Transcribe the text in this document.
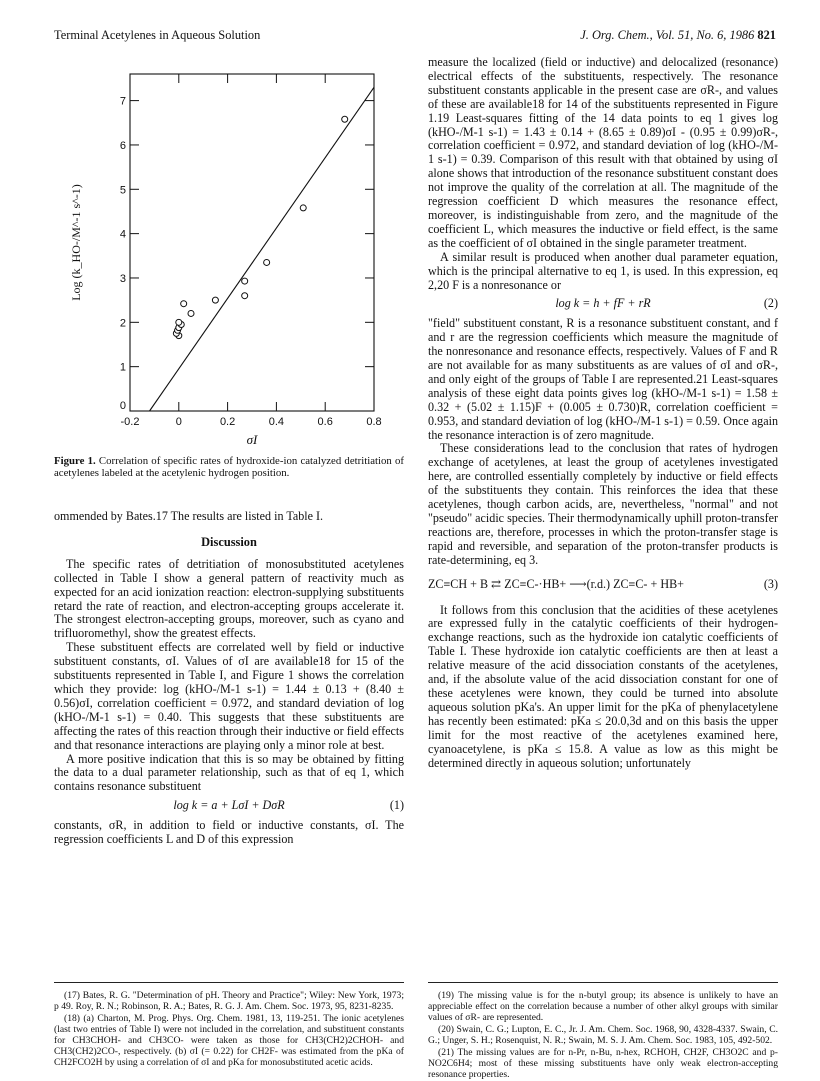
Terminal Acetylenes in Aqueous Solution	J. Org. Chem., Vol. 51, No. 6, 1986 821
-0.2	0	0.2	0.4	0.6	0.8
0
1
2
3
4
5
6
7
σI
Log (k_HO-/M^-1 s^-1)
Figure 1. Correlation of specific rates of hydroxide-ion catalyzed detritiation of acetylenes labeled at the acetylenic hydrogen position.

ommended by Bates.17 The results are listed in Table I.

Discussion

The specific rates of detritiation of monosubstituted acetylenes collected in Table I show a general pattern of reactivity much as expected for an acid ionization reaction: electron-supplying substituents retard the rate of reaction, and electron-accepting groups accelerate it. The strongest electron-accepting groups, moreover, such as cyano and trifluoromethyl, show the greatest effects.

These substituent effects are correlated well by field or inductive substituent constants, σI. Values of σI are available18 for 15 of the substituents represented in Table I, and Figure 1 shows the correlation which they provide: log (kHO-/M-1 s-1) = 1.44 ± 0.13 + (8.40 ± 0.56)σI, correlation coefficient = 0.972, and standard deviation of log (kHO-/M-1 s-1) = 0.40. This suggests that these substituents are affecting the rates of this reaction through their inductive or field effects and that resonance interactions are playing only a minor role at best.

A more positive indication that this is so may be obtained by fitting the data to a dual parameter relationship, such as that of eq 1, which contains resonance substituent

log k = a + LσI + DσR	(1)

constants, σR, in addition to field or inductive constants, σI. The regression coefficients L and D of this expression

measure the localized (field or inductive) and delocalized (resonance) electrical effects of the substituents, respectively. The resonance substituent constants applicable in the present case are σR-, and values of these are available18 for 14 of the substituents represented in Figure 1.19 Least-squares fitting of the 14 data points to eq 1 gives log (kHO-/M-1 s-1) = 1.43 ± 0.14 + (8.65 ± 0.89)σI - (0.95 ± 0.99)σR-, correlation coefficient = 0.972, and standard deviation of log (kHO-/M-1 s-1) = 0.39. Comparison of this result with that obtained by using σI alone shows that introduction of the resonance substituent constant does not improve the quality of the correlation at all. The magnitude of the regression coefficient D which measures the resonance effect, moreover, is indistinguishable from zero, and the magnitude of the coefficient L, which measures the inductive or field effect, is the same as the coefficient of σI obtained in the single parameter treatment.

A similar result is produced when another dual parameter equation, which is the principal alternative to eq 1, is used. In this expression, eq 2,20 F is a nonresonance or

log k = h + fF + rR	(2)

"field" substituent constant, R is a resonance substituent constant, and f and r are the regression coefficients which measure the magnitude of the nonresonance and resonance effects, respectively. Values of F and R are not available for as many substituents as are values of σI and σR-, and only eight of the groups of Table I are represented.21 Least-squares analysis of these eight data points gives log (kHO-/M-1 s-1) = 1.58 ± 0.32 + (5.02 ± 1.15)F + (0.005 ± 0.730)R, correlation coefficient = 0.953, and standard deviation of log (kHO-/M-1 s-1) = 0.59. Once again the resonance interaction is of zero magnitude.

These considerations lead to the conclusion that rates of hydrogen exchange of acetylenes, at least the group of acetylenes investigated here, are controlled essentially completely by inductive or field effects of the substituents they contain. This reinforces the idea that these acetylenes, though carbon acids, are, nevertheless, "normal" and not "pseudo" acidic species. Their thermodynamically uphill proton-transfer reactions are, therefore, processes in which the proton-transfer stage is rapid and reversible, and separation of the proton-transfer products is rate-determining, eq 3.

ZC≡CH + B ⇄ ZC≡C-·HB+ ⟶(r.d.) ZC≡C- + HB+	(3)

It follows from this conclusion that the acidities of these acetylenes are expressed fully in the catalytic coefficients of their hydrogen-exchange reactions, such as the hydroxide ion catalytic coefficients of Table I. These hydroxide ion catalytic coefficients are then at least a relative measure of the acid dissociation constants of the acetylenes, and, if the absolute value of the acid dissociation constant for one of these acetylenes were known, they could be turned into absolute aqueous solution pKa's. An upper limit for the pKa of phenylacetylene has recently been estimated: pKa ≤ 20.0,3d and on this basis the upper limit for the most reactive of the acetylenes examined here, cyanoacetylene, is pKa ≤ 15.8. A value as low as this might be determined directly in aqueous solution; unfortunately

(17) Bates, R. G. "Determination of pH. Theory and Practice"; Wiley: New York, 1973; p 49. Roy, R. N.; Robinson, R. A.; Bates, R. G. J. Am. Chem. Soc. 1973, 95, 8231-8235.

(18) (a) Charton, M. Prog. Phys. Org. Chem. 1981, 13, 119-251. The ionic acetylenes (last two entries of Table I) were not included in the correlation, and substituent constants for CH3CHOH- and CH3CO- were taken as those for CH3(CH2)2CHOH- and CH3(CH2)2CO-, respectively. (b) σI (= 0.22) for CH2F- was estimated from the pKa of CH2FCO2H by using a correlation of σI and pKa for monosubstituted acetic acids.

(19) The missing value is for the n-butyl group; its absence is unlikely to have an appreciable effect on the correlation because a number of other alkyl groups with similar values of σR- are represented.

(20) Swain, C. G.; Lupton, E. C., Jr. J. Am. Chem. Soc. 1968, 90, 4328-4337. Swain, C. G.; Unger, S. H.; Rosenquist, N. R.; Swain, M. S. J. Am. Chem. Soc. 1983, 105, 492-502.

(21) The missing values are for n-Pr, n-Bu, n-hex, RCHOH, CH2F, CH3O2C and p-NO2C6H4; most of these missing substituents have only weak electron-accepting resonance properties.
